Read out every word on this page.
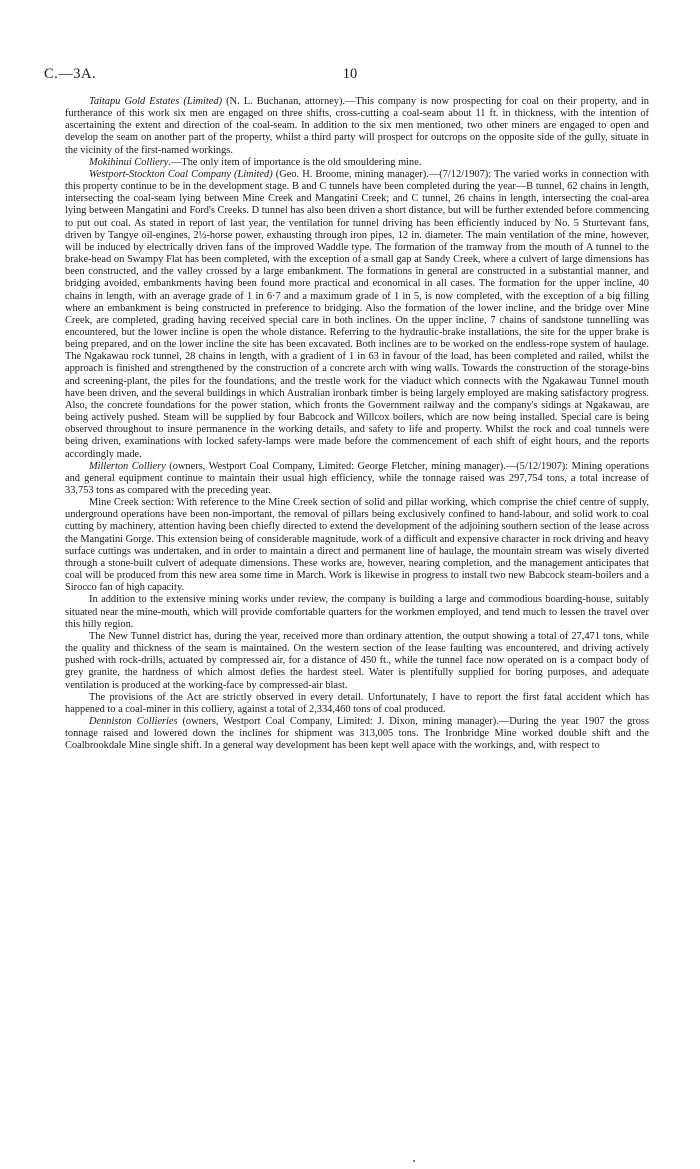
C.—3A.	10

Taitapu Gold Estates (Limited) (N. L. Buchanan, attorney).—This company is now prospecting for coal on their property, and in furtherance of this work six men are engaged on three shifts, cross-cutting a coal-seam about 11 ft. in thickness, with the intention of ascertaining the extent and direction of the coal-seam. In addition to the six men mentioned, two other miners are engaged to open and develop the seam on another part of the property, whilst a third party will prospect for outcrops on the opposite side of the gully, situate in the vicinity of the first-named workings.

Mokihinui Colliery.—The only item of importance is the old smouldering mine.

Westport-Stockton Coal Company (Limited) (Geo. H. Broome, mining manager).—(7/12/1907): The varied works in connection with this property continue to be in the development stage. B and C tunnels have been completed during the year—B tunnel, 62 chains in length, intersecting the coal-seam lying between Mine Creek and Mangatini Creek; and C tunnel, 26 chains in length, intersecting the coal-area lying between Mangatini and Ford's Creeks. D tunnel has also been driven a short distance, but will be further extended before commencing to put out coal. As stated in report of last year, the ventilation for tunnel driving has been efficiently induced by No. 5 Sturtevant fans, driven by Tangye oil-engines, 2½-horse power, exhausting through iron pipes, 12 in. diameter. The main ventilation of the mine, however, will be induced by electrically driven fans of the improved Waddle type. The formation of the tramway from the mouth of A tunnel to the brake-head on Swampy Flat has been completed, with the exception of a small gap at Sandy Creek, where a culvert of large dimensions has been constructed, and the valley crossed by a large embankment. The formations in general are constructed in a substantial manner, and bridging avoided, embankments having been found more practical and economical in all cases. The formation for the upper incline, 40 chains in length, with an average grade of 1 in 6·7 and a maximum grade of 1 in 5, is now completed, with the exception of a big filling where an embankment is being constructed in preference to bridging. Also the formation of the lower incline, and the bridge over Mine Creek, are completed, grading having received special care in both inclines. On the upper incline, 7 chains of sandstone tunnelling was encountered, but the lower incline is open the whole distance. Referring to the hydraulic-brake installations, the site for the upper brake is being prepared, and on the lower incline the site has been excavated. Both inclines are to be worked on the endless-rope system of haulage. The Ngakawau rock tunnel, 28 chains in length, with a gradient of 1 in 63 in favour of the load, has been completed and railed, whilst the approach is finished and strengthened by the construction of a concrete arch with wing walls. Towards the construction of the storage-bins and screening-plant, the piles for the foundations, and the trestle work for the viaduct which connects with the Ngakawau Tunnel mouth have been driven, and the several buildings in which Australian ironbark timber is being largely employed are making satisfactory progress. Also, the concrete foundations for the power station, which fronts the Government railway and the company's sidings at Ngakawau, are being actively pushed. Steam will be supplied by four Babcock and Willcox boilers, which are now being installed. Special care is being observed throughout to insure permanence in the working details, and safety to life and property. Whilst the rock and coal tunnels were being driven, examinations with locked safety-lamps were made before the commencement of each shift of eight hours, and the reports accordingly made.

Millerton Colliery (owners, Westport Coal Company, Limited: George Fletcher, mining manager).—(5/12/1907): Mining operations and general equipment continue to maintain their usual high efficiency, while the tonnage raised was 297,754 tons, a total increase of 33,753 tons as compared with the preceding year.

Mine Creek section: With reference to the Mine Creek section of solid and pillar working, which comprise the chief centre of supply, underground operations have been non-important, the removal of pillars being exclusively confined to hand-labour, and solid work to coal cutting by machinery, attention having been chiefly directed to extend the development of the adjoining southern section of the lease across the Mangatini Gorge. This extension being of considerable magnitude, work of a difficult and expensive character in rock driving and heavy surface cuttings was undertaken, and in order to maintain a direct and permanent line of haulage, the mountain stream was wisely diverted through a stone-built culvert of adequate dimensions. These works are, however, nearing completion, and the management anticipates that coal will be produced from this new area some time in March. Work is likewise in progress to install two new Babcock steam-boilers and a Sirocco fan of high capacity.

In addition to the extensive mining works under review, the company is building a large and commodious boarding-house, suitably situated near the mine-mouth, which will provide comfortable quarters for the workmen employed, and tend much to lessen the travel over this hilly region.

The New Tunnel district has, during the year, received more than ordinary attention, the output showing a total of 27,471 tons, while the quality and thickness of the seam is maintained. On the western section of the lease faulting was encountered, and driving actively pushed with rock-drills, actuated by compressed air, for a distance of 450 ft., while the tunnel face now operated on is a compact body of grey granite, the hardness of which almost defies the hardest steel. Water is plentifully supplied for boring purposes, and adequate ventilation is produced at the working-face by compressed-air blast.

The provisions of the Act are strictly observed in every detail. Unfortunately, I have to report the first fatal accident which has happened to a coal-miner in this colliery, against a total of 2,334,460 tons of coal produced.

Denniston Collieries (owners, Westport Coal Company, Limited: J. Dixon, mining manager).—During the year 1907 the gross tonnage raised and lowered down the inclines for shipment was 313,005 tons. The Ironbridge Mine worked double shift and the Coalbrookdale Mine single shift. In a general way development has been kept well apace with the workings, and, with respect to
